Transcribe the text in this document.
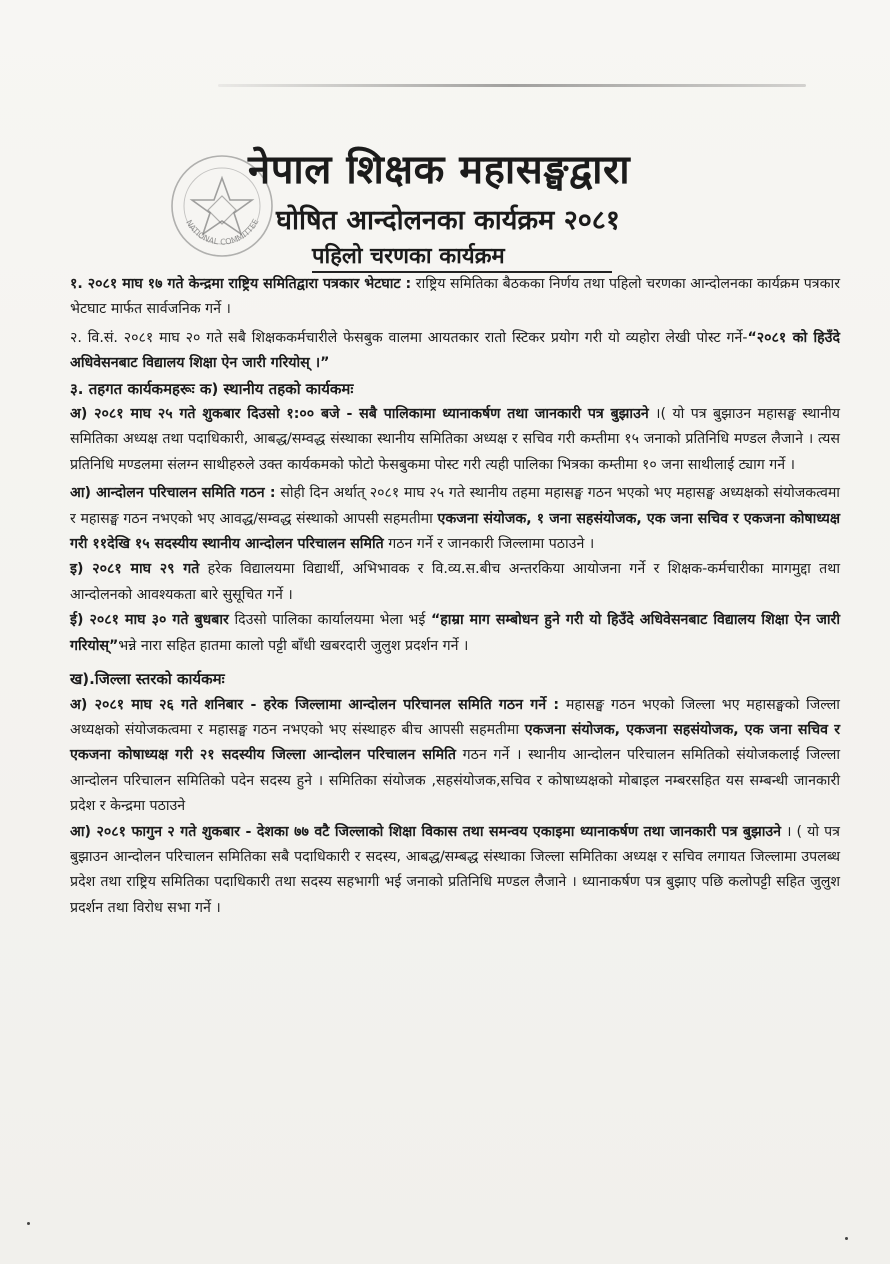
NATIONAL COMMITTEE
नेपाल शिक्षक महासङ्घद्वारा
घोषित आन्दोलनका कार्यक्रम २०८१
पहिलो चरणका कार्यक्रम

१. २०८१ माघ १७ गते केन्द्रमा राष्ट्रिय समितिद्वारा पत्रकार भेटघाट : राष्ट्रिय समितिका बैठकका निर्णय तथा पहिलो चरणका आन्दोलनका कार्यक्रम पत्रकार भेटघाट मार्फत सार्वजनिक गर्ने ।

२. वि.सं. २०८१ माघ २० गते सबै शिक्षककर्मचारीले फेसबुक वालमा आयतकार रातो स्टिकर प्रयोग गरी यो व्यहोरा लेखी पोस्ट गर्ने-“२०८१ को हिउँदे अधिवेसनबाट विद्यालय शिक्षा ऐन जारी गरियोस् ।”

३. तहगत कार्यकमहरूः क) स्थानीय तहको कार्यकमः

अ) २०८१ माघ २५ गते शुकबार दिउसो १:०० बजे - सबै पालिकामा ध्यानाकर्षण तथा जानकारी पत्र बुझाउने ।( यो पत्र बुझाउन महासङ्घ स्थानीय समितिका अध्यक्ष तथा पदाधिकारी, आबद्ध/सम्वद्ध संस्थाका स्थानीय समितिका अध्यक्ष र सचिव गरी कम्तीमा १५ जनाको प्रतिनिधि मण्डल लैजाने । त्यस प्रतिनिधि मण्डलमा संलग्न साथीहरुले उक्त कार्यकमको फोटो फेसबुकमा पोस्ट गरी त्यही पालिका भित्रका कम्तीमा १० जना साथीलाई ट्याग गर्ने ।

आ) आन्दोलन परिचालन समिति गठन : सोही दिन अर्थात् २०८१ माघ २५ गते स्थानीय तहमा महासङ्घ गठन भएको भए महासङ्घ अध्यक्षको संयोजकत्वमा र महासङ्घ गठन नभएको भए आवद्ध/सम्वद्ध संस्थाको आपसी सहमतीमा एकजना संयोजक, १ जना सहसंयोजक, एक जना सचिव र एकजना कोषाध्यक्ष गरी ११देखि १५ सदस्यीय स्थानीय आन्दोलन परिचालन समिति गठन गर्ने र जानकारी जिल्लामा पठाउने ।

इ) २०८१ माघ २९ गते हरेक विद्यालयमा विद्यार्थी, अभिभावक र वि.व्य.स.बीच अन्तरकिया आयोजना गर्ने र शिक्षक-कर्मचारीका मागमुद्दा तथा आन्दोलनको आवश्यकता बारे सुसूचित गर्ने ।

ई) २०८१ माघ ३० गते बुधबार दिउसो पालिका कार्यालयमा भेला भई “हाम्रा माग सम्बोधन हुने गरी यो हिउँदे अधिवेसनबाट विद्यालय शिक्षा ऐन जारी गरियोस्”भन्ने नारा सहित हातमा कालो पट्टी बाँधी खबरदारी जुलुश प्रदर्शन गर्ने ।

ख).जिल्ला स्तरको कार्यकमः

अ) २०८१ माघ २६ गते शनिबार - हरेक जिल्लामा आन्दोलन परिचानल समिति गठन गर्ने : महासङ्घ गठन भएको जिल्ला भए महासङ्घको जिल्ला अध्यक्षको संयोजकत्वमा र महासङ्घ गठन नभएको भए संस्थाहरु बीच आपसी सहमतीमा एकजना संयोजक, एकजना सहसंयोजक, एक जना सचिव र एकजना कोषाध्यक्ष गरी २१ सदस्यीय जिल्ला आन्दोलन परिचालन समिति गठन गर्ने । स्थानीय आन्दोलन परिचालन समितिको संयोजकलाई जिल्ला आन्दोलन परिचालन समितिको पदेन सदस्य हुने । समितिका संयोजक ,सहसंयोजक,सचिव र कोषाध्यक्षको मोबाइल नम्बरसहित यस सम्बन्धी जानकारी प्रदेश र केन्द्रमा पठाउने

आ) २०८१ फागुन २ गते शुकबार - देशका ७७ वटै जिल्लाको शिक्षा विकास तथा समन्वय एकाइमा ध्यानाकर्षण तथा जानकारी पत्र बुझाउने । ( यो पत्र बुझाउन आन्दोलन परिचालन समितिका सबै पदाधिकारी र सदस्य, आबद्ध/सम्बद्ध संस्थाका जिल्ला समितिका अध्यक्ष र सचिव लगायत जिल्लामा उपलब्ध प्रदेश तथा राष्ट्रिय समितिका पदाधिकारी तथा सदस्य सहभागी भई जनाको प्रतिनिधि मण्डल लैजाने । ध्यानाकर्षण पत्र बुझाए पछि कलोपट्टी सहित जुलुश प्रदर्शन तथा विरोध सभा गर्ने ।
